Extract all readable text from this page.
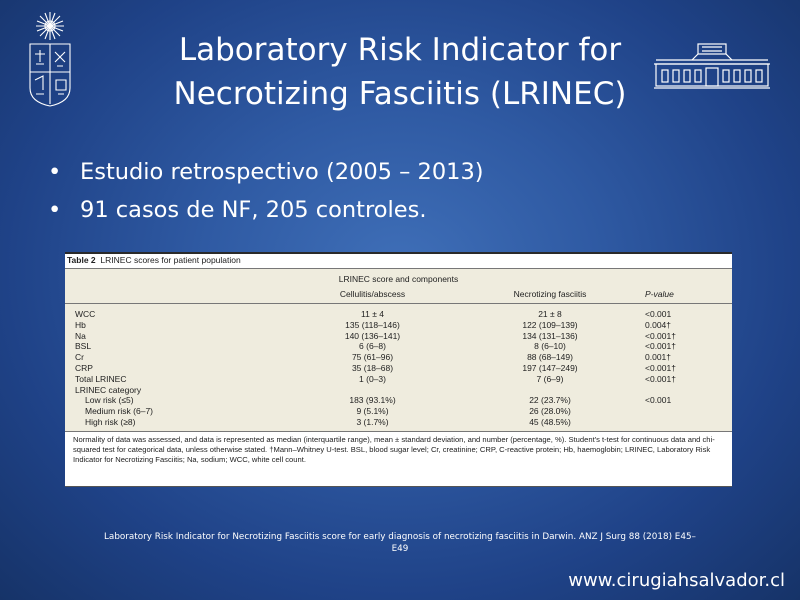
Laboratory Risk Indicator for
Necrotizing Fasciitis (LRINEC)
• Estudio retrospectivo (2005 – 2013)
• 91 casos de NF, 205 controles.
Table 2 LRINEC scores for patient population
LRINEC score and components
Cellulitis/abscess	Necrotizing fasciitis	P-value
WCC	11 ± 4	21 ± 8	<0.001
Hb	135 (118–146)	122 (109–139)	0.004†
Na	140 (136–141)	134 (131–136)	<0.001†
BSL	6 (6–8)	8 (6–10)	<0.001†
Cr	75 (61–96)	88 (68–149)	0.001†
CRP	35 (18–68)	197 (147–249)	<0.001†
Total LRINEC	1 (0–3)	7 (6–9)	<0.001†
LRINEC category
Low risk (≤5)	183 (93.1%)	22 (23.7%)	<0.001
Medium risk (6–7)	9 (5.1%)	26 (28.0%)
High risk (≥8)	3 (1.7%)	45 (48.5%)
Normality of data was assessed, and data is represented as median (interquartile range), mean ± standard deviation, and number (percentage, %). Student's t-test for continuous data and chi-squared test for categorical data, unless otherwise stated. †Mann–Whitney U-test. BSL, blood sugar level; Cr, creatinine; CRP, C-reactive protein; Hb, haemoglobin; LRINEC, Laboratory Risk Indicator for Necrotizing Fasciitis; Na, sodium; WCC, white cell count.
Laboratory Risk Indicator for Necrotizing Fasciitis score for early diagnosis of necrotizing fasciitis in Darwin. ANZ J Surg 88 (2018) E45–
E49
www.cirugiahsalvador.cl
